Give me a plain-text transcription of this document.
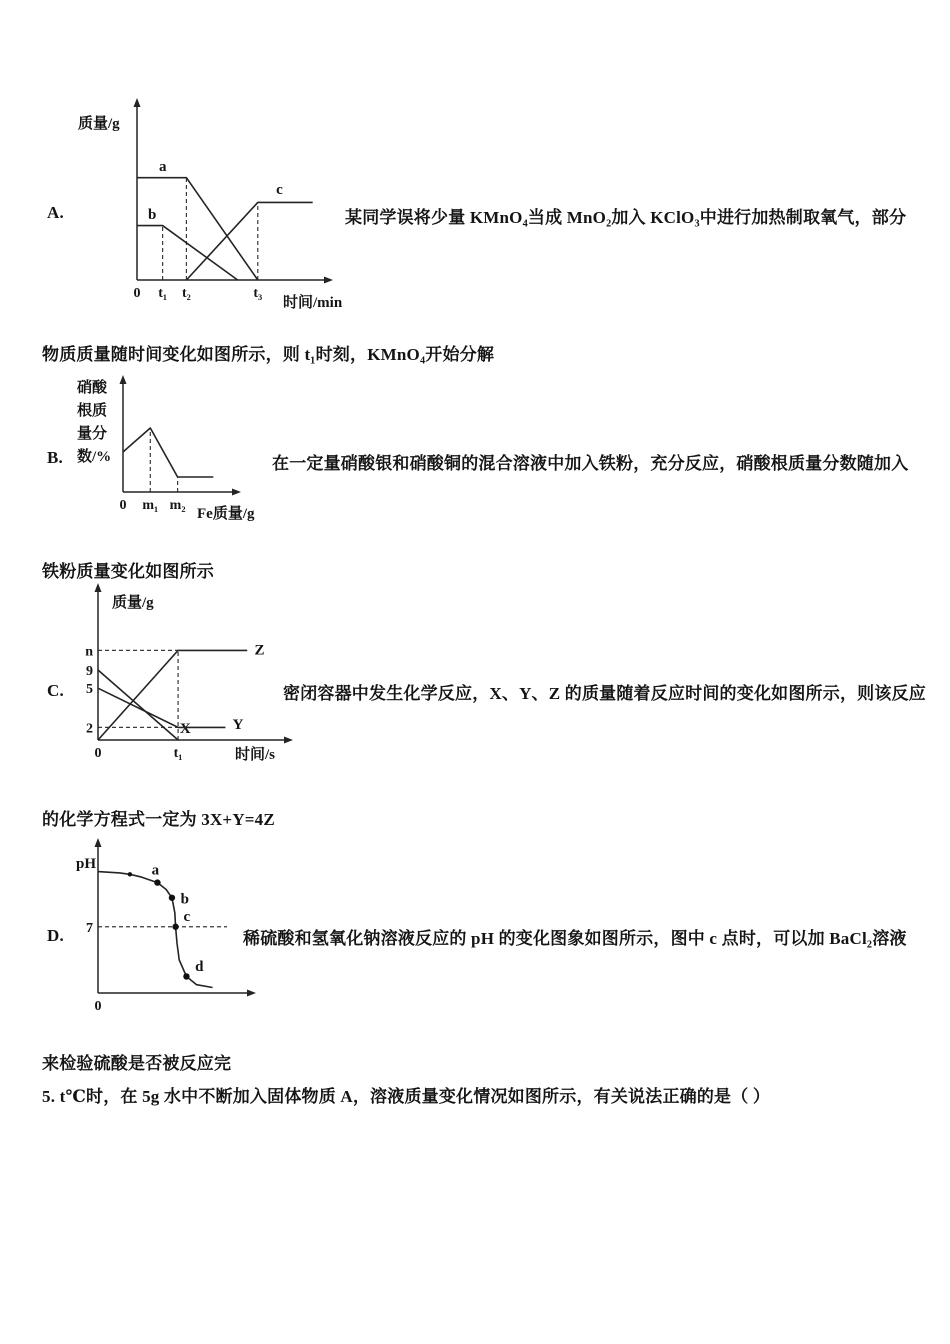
A.
质量/g
时间/min
a
b
c
0 t₁ t₂	t₃
某同学误将少量 KMnO₄当成 MnO₂加入 KClO₃中进行加热制取氧气，部分
物质质量随时间变化如图所示，则 t₁时刻，KMnO₄开始分解
B.
硝酸
根质
量分
数/%
Fe质量/g
0 m₁ m₂
在一定量硝酸银和硝酸铜的混合溶液中加入铁粉，充分反应，硝酸根质量分数随加入
铁粉质量变化如图所示
C.
质量/g
时间/s
Z
X	Y
0	t₁
n
9
5
2
密闭容器中发生化学反应，X、Y、Z 的质量随着反应时间的变化如图所示，则该反应
的化学方程式一定为 3X+Y=4Z
D.
pH	a
b
c
d
0
7
稀硫酸和氢氧化钠溶液反应的 pH 的变化图象如图所示，图中 c 点时，可以加 BaCl₂溶液
来检验硫酸是否被反应完
5. t℃时，在 5g 水中不断加入固体物质 A，溶液质量变化情况如图所示，有关说法正确的是（ ）
